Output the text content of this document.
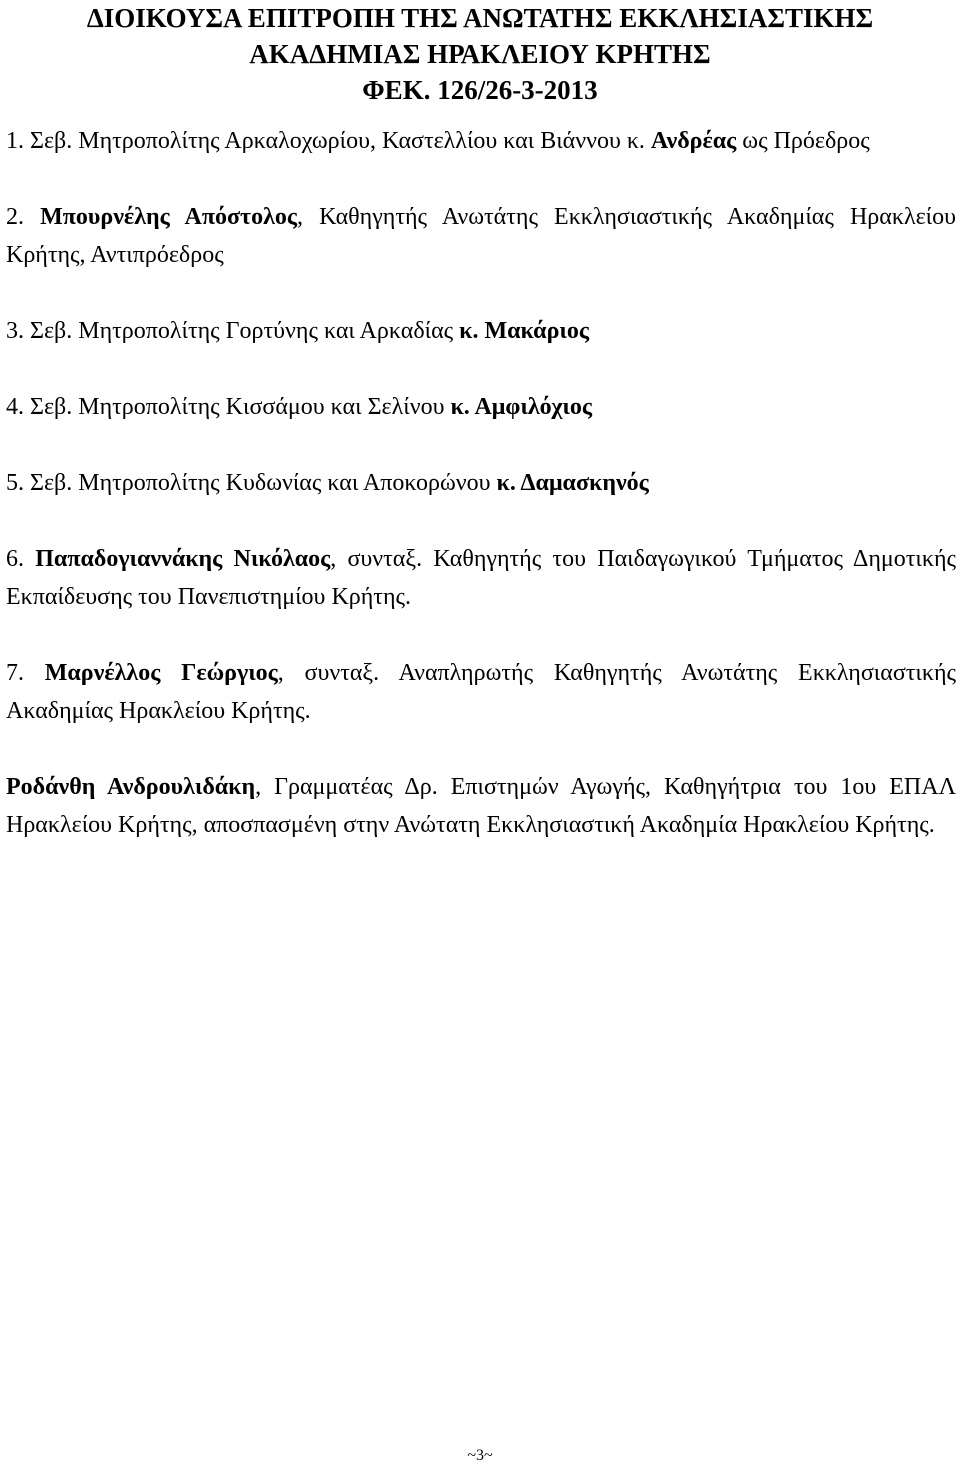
ΔΙΟΙΚΟΥΣΑ ΕΠΙΤΡΟΠΗ ΤΗΣ ΑΝΩΤΑΤΗΣ ΕΚΚΛΗΣΙΑΣΤΙΚΗΣ
ΑΚΑΔΗΜΙΑΣ ΗΡΑΚΛΕΙΟΥ ΚΡΗΤΗΣ
ΦΕΚ. 126/26-3-2013

1. Σεβ. Μητροπολίτης Αρκαλοχωρίου, Καστελλίου και Βιάννου κ. Ανδρέας ως Πρόεδρος

2. Μπουρνέλης Απόστολος, Καθηγητής Ανωτάτης Εκκλησιαστικής Ακαδημίας Ηρακλείου Κρήτης, Αντιπρόεδρος

3. Σεβ. Μητροπολίτης Γορτύνης και Αρκαδίας κ. Μακάριος

4. Σεβ. Μητροπολίτης Κισσάμου και Σελίνου κ. Αμφιλόχιος

5. Σεβ. Μητροπολίτης Κυδωνίας και Αποκορώνου κ. Δαμασκηνός

6. Παπαδογιαννάκης Νικόλαος, συνταξ. Καθηγητής του Παιδαγωγικού Τμήματος Δημοτικής Εκπαίδευσης του Πανεπιστημίου Κρήτης.

7. Μαρνέλλος Γεώργιος, συνταξ. Αναπληρωτής Καθηγητής Ανωτάτης Εκκλησιαστικής Ακαδημίας Ηρακλείου Κρήτης.

Ροδάνθη Ανδρουλιδάκη, Γραμματέας Δρ. Επιστημών Αγωγής, Καθηγήτρια του 1ου ΕΠΑΛ Ηρακλείου Κρήτης, αποσπασμένη στην Ανώτατη Εκκλησιαστική Ακαδημία Ηρακλείου Κρήτης.

~3~
